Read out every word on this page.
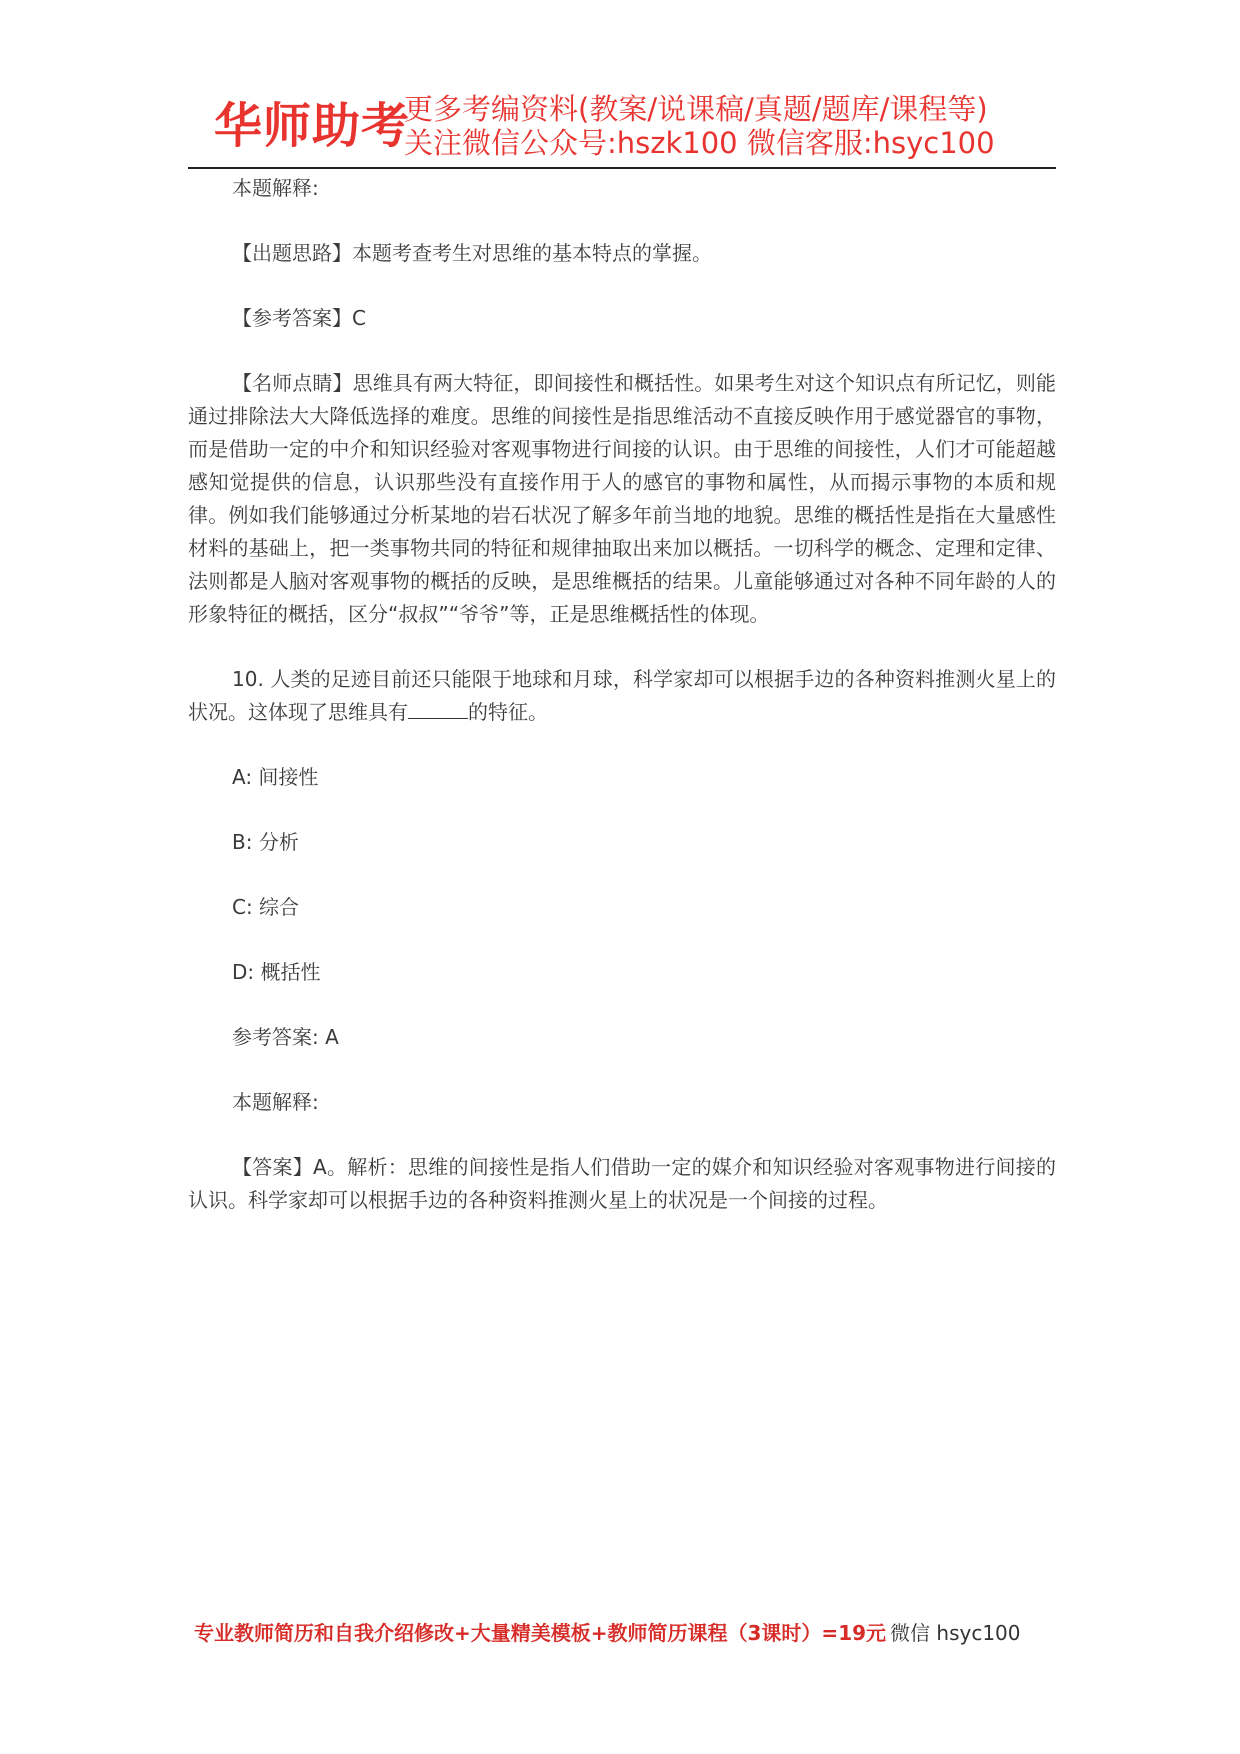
华师助考
更多考编资料(教案/说课稿/真题/题库/课程等)
关注微信公众号:hszk100 微信客服:hsyc100

本题解释:

【出题思路】本题考查考生对思维的基本特点的掌握。

【参考答案】C

【名师点睛】思维具有两大特征，即间接性和概括性。如果考生对这个知识点有所记忆，则能通过排除法大大降低选择的难度。思维的间接性是指思维活动不直接反映作用于感觉器官的事物，而是借助一定的中介和知识经验对客观事物进行间接的认识。由于思维的间接性，人们才可能超越感知觉提供的信息，认识那些没有直接作用于人的感官的事物和属性，从而揭示事物的本质和规律。例如我们能够通过分析某地的岩石状况了解多年前当地的地貌。思维的概括性是指在大量感性材料的基础上，把一类事物共同的特征和规律抽取出来加以概括。一切科学的概念、定理和定律、法则都是人脑对客观事物的概括的反映，是思维概括的结果。儿童能够通过对各种不同年龄的人的形象特征的概括，区分“叔叔”“爷爷”等，正是思维概括性的体现。

10. 人类的足迹目前还只能限于地球和月球，科学家却可以根据手边的各种资料推测火星上的状况。这体现了思维具有	的特征。

A: 间接性

B: 分析

C: 综合

D: 概括性

参考答案: A

本题解释:

【答案】A。解析：思维的间接性是指人们借助一定的媒介和知识经验对客观事物进行间接的认识。科学家却可以根据手边的各种资料推测火星上的状况是一个间接的过程。

专业教师简历和自我介绍修改+大量精美模板+教师简历课程（3课时）=19元 微信 hsyc100
